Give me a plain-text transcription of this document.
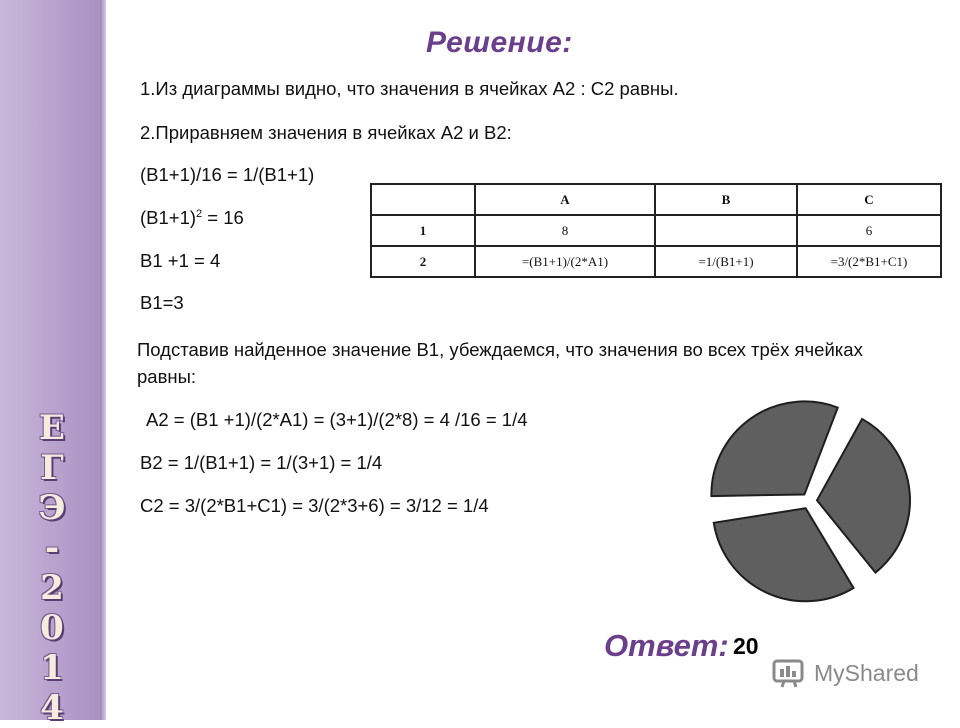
Е
Г
Э
-
2
0
1
4
Решение:
1.Из диаграммы видно, что значения в ячейках А2 : С2 равны.
2.Приравняем значения в ячейках А2 и В2:
(В1+1)/16 = 1/(В1+1)
$(В1+1)^2 = 16$
В1 +1 = 4
В1=3
Подставив найденное значение В1, убеждаемся, что значения во всех трёх ячейках равны:
А2 = (В1 +1)/(2*А1) = (3+1)/(2*8) = 4 /16 = 1/4
В2 = 1/(В1+1) = 1/(3+1) = 1/4
С2 = 3/(2*В1+С1) = 3/(2*3+6) = 3/12 = 1/4
	A	B	C
1	8		6
2	=(B1+1)/(2*A1)	=1/(B1+1)	=3/(2*B1+C1)
Ответ: 20
MyShared
